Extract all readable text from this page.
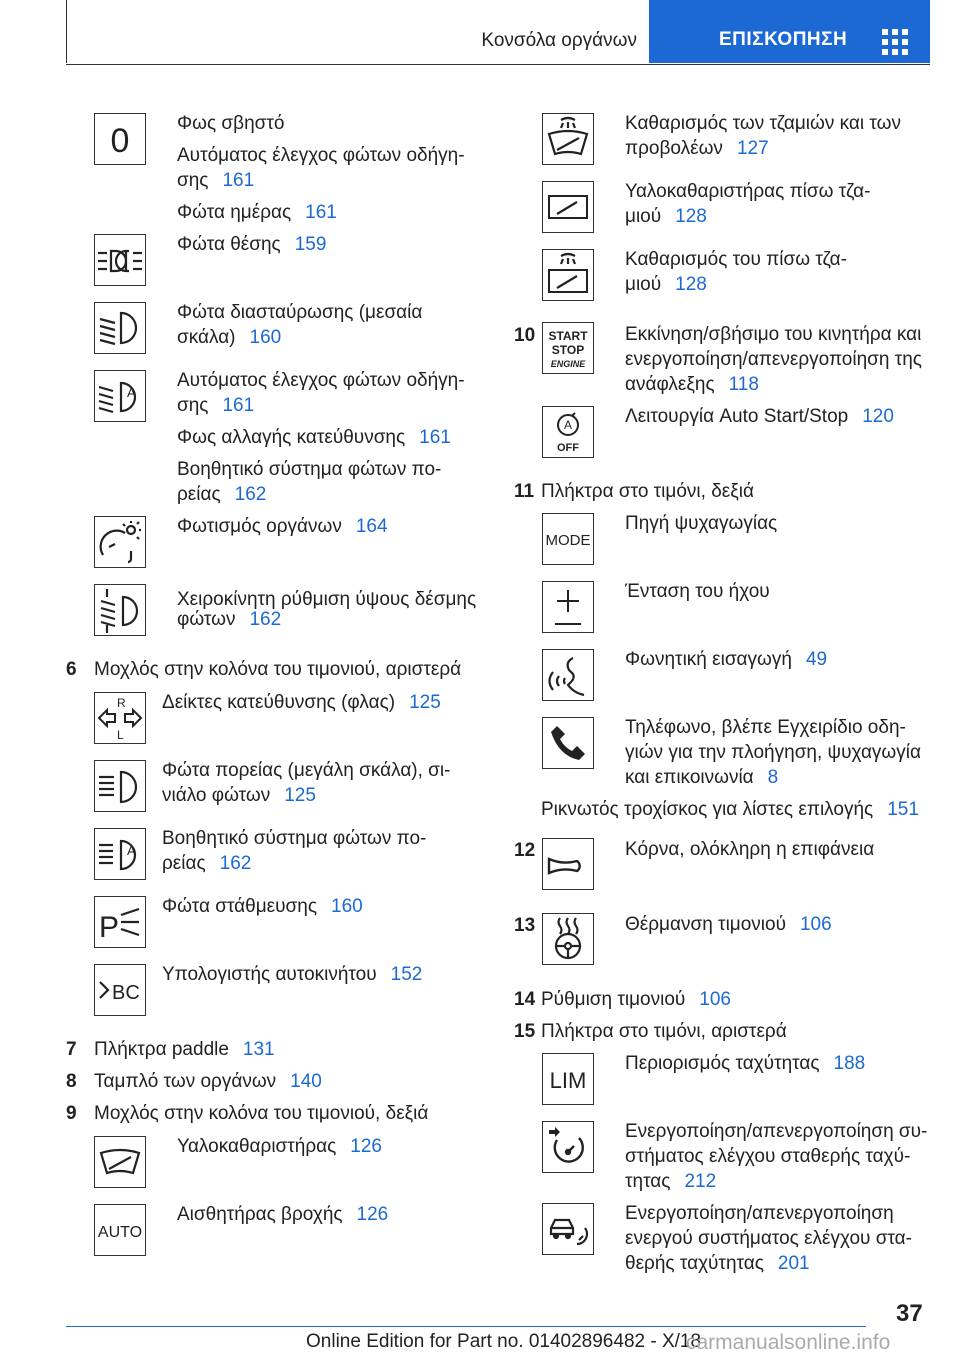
Κονσόλα οργάνων	ΕΠΙΣΚΟΠΗΣΗ
0	Φως σβηστό
Αυτόματος έλεγχος φώτων οδήγη-
σης 161
Φώτα ημέρας 161
Φώτα θέσης 159
Φώτα διασταύρωσης (μεσαία
σκάλα) 160
A
Αυτόματος έλεγχος φώτων οδήγη-
σης 161
Φως αλλαγής κατεύθυνσης 161
Βοηθητικό σύστημα φώτων πο-
ρείας 162
Φωτισμός οργάνων 164
Χειροκίνητη ρύθμιση ύψους δέσμης
φώτων 162
6 Μοχλός στην κολόνα του τιμονιού, αριστερά
R
L
Δείκτες κατεύθυνσης (φλας) 125
Φώτα πορείας (μεγάλη σκάλα), σι-
νιάλο φώτων 125
A
Βοηθητικό σύστημα φώτων πο-
ρείας 162
P
Φώτα στάθμευσης 160
BC
Υπολογιστής αυτοκινήτου 152
7 Πλήκτρα paddle 131
8 Ταμπλό των οργάνων 140
9 Μοχλός στην κολόνα του τιμονιού, δεξιά
Υαλοκαθαριστήρας 126
AUTO
Αισθητήρας βροχής 126
Καθαρισμός των τζαμιών και των
προβολέων 127
Υαλοκαθαριστήρας πίσω τζα-
μιού 128
Καθαρισμός του πίσω τζα-
μιού 128
10 START
STOP
ENGINE
Εκκίνηση/σβήσιμο του κινητήρα και
ενεργοποίηση/απενεργοποίηση της
ανάφλεξης 118
A
OFF
Λειτουργία Auto Start/Stop 120
11 Πλήκτρα στο τιμόνι, δεξιά
MODE
Πηγή ψυχαγωγίας
Ένταση του ήχου
Φωνητική εισαγωγή 49
Τηλέφωνο, βλέπε Εγχειρίδιο οδη-
γιών για την πλοήγηση, ψυχαγωγία
και επικοινωνία 8
Ρικνωτός τροχίσκος για λίστες επιλογής 151
12	Κόρνα, ολόκληρη η επιφάνεια
13	Θέρμανση τιμονιού 106
14 Ρύθμιση τιμονιού 106
15 Πλήκτρα στο τιμόνι, αριστερά
LIM
Περιορισμός ταχύτητας 188
Ενεργοποίηση/απενεργοποίηση συ-
στήματος ελέγχου σταθερής ταχύ-
τητας 212
Ενεργοποίηση/απενεργοποίηση
ενεργού συστήματος ελέγχου στα-
θερής ταχύτητας 201
37
Online Edition for Part no. 01402896482 - X/18
carmanualsonline.info
